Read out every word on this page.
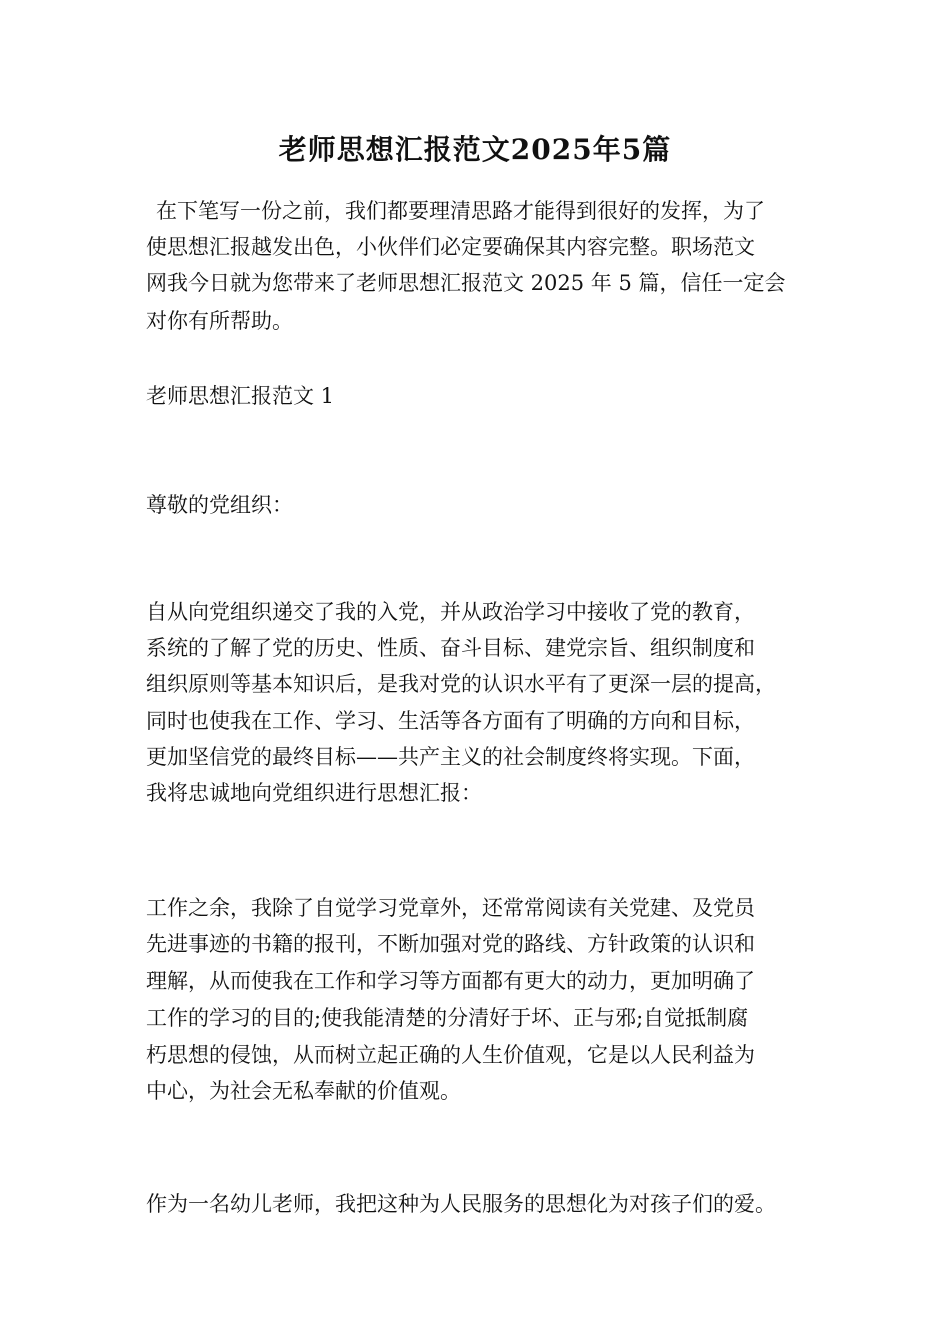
老师思想汇报范文2025年5篇
在下笔写一份之前，我们都要理清思路才能得到很好的发挥，为了
使思想汇报越发出色，小伙伴们必定要确保其内容完整。职场范文
网我今日就为您带来了老师思想汇报范文 2025 年 5 篇，信任一定会
对你有所帮助。
老师思想汇报范文 1
尊敬的党组织：
自从向党组织递交了我的入党，并从政治学习中接收了党的教育，
系统的了解了党的历史、性质、奋斗目标、建党宗旨、组织制度和
组织原则等基本知识后，是我对党的认识水平有了更深一层的提高，
同时也使我在工作、学习、生活等各方面有了明确的方向和目标，
更加坚信党的最终目标——共产主义的社会制度终将实现。下面，
我将忠诚地向党组织进行思想汇报：
工作之余，我除了自觉学习党章外，还常常阅读有关党建、及党员
先进事迹的书籍的报刊，不断加强对党的路线、方针政策的认识和
理解，从而使我在工作和学习等方面都有更大的动力，更加明确了
工作的学习的目的;使我能清楚的分清好于坏、正与邪;自觉抵制腐
朽思想的侵蚀，从而树立起正确的人生价值观，它是以人民利益为
中心，为社会无私奉献的价值观。
作为一名幼儿老师，我把这种为人民服务的思想化为对孩子们的爱。
